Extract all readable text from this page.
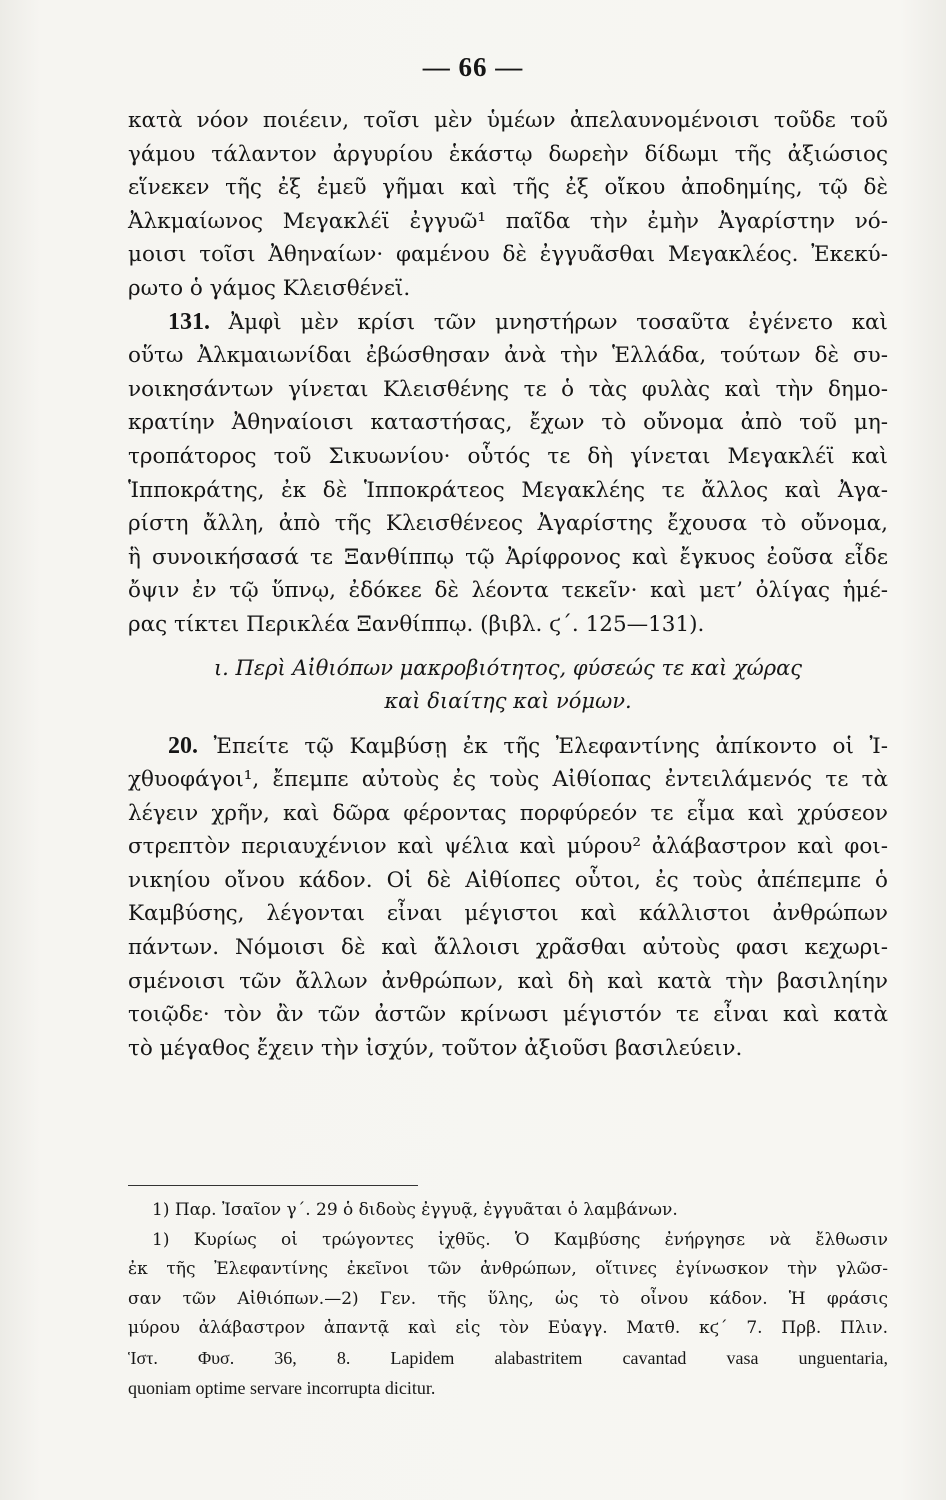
— 66 —
κατὰ νόον ποιέειν, τοῖσι μὲν ὑμέων ἀπελαυνομένοισι τοῦδε τοῦ
γάμου τάλαντον ἀργυρίου ἑκάστῳ δωρεὴν δίδωμι τῆς ἀξιώσιος
εἵνεκεν τῆς ἐξ ἐμεῦ γῆμαι καὶ τῆς ἐξ οἴκου ἀποδημίης, τῷ δὲ
Ἀλκμαίωνος Μεγακλέϊ ἐγγυῶ¹ παῖδα τὴν ἐμὴν Ἀγαρίστην νό-
μοισι τοῖσι Ἀθηναίων· φαμένου δὲ ἐγγυᾶσθαι Μεγακλέος. Ἐκεκύ-
ρωτο ὁ γάμος Κλεισθένεϊ.
131. Ἀμφὶ μὲν κρίσι τῶν μνηστήρων τοσαῦτα ἐγένετο καὶ
οὕτω Ἀλκμαιωνίδαι ἐβώσθησαν ἀνὰ τὴν Ἑλλάδα, τούτων δὲ συ-
νοικησάντων γίνεται Κλεισθένης τε ὁ τὰς φυλὰς καὶ τὴν δημο-
κρατίην Ἀθηναίοισι καταστήσας, ἔχων τὸ οὔνομα ἀπὸ τοῦ μη-
τροπάτορος τοῦ Σικυωνίου· οὗτός τε δὴ γίνεται Μεγακλέϊ καὶ
Ἱπποκράτης, ἐκ δὲ Ἱπποκράτεος Μεγακλέης τε ἄλλος καὶ Ἀγα-
ρίστη ἄλλη, ἀπὸ τῆς Κλεισθένεος Ἀγαρίστης ἔχουσα τὸ οὔνομα,
ἣ συνοικήσασά τε Ξανθίππῳ τῷ Ἀρίφρονος καὶ ἔγκυος ἐοῦσα εἶδε
ὄψιν ἐν τῷ ὕπνῳ, ἐδόκεε δὲ λέοντα τεκεῖν· καὶ μετ’ ὀλίγας ἡμέ-
ρας τίκτει Περικλέα Ξανθίππῳ. (βιβλ. ϛ΄. 125—131).
ι. Περὶ Αἰθιόπων μακροβιότητος, φύσεώς τε καὶ χώρας
καὶ διαίτης καὶ νόμων.
20. Ἐπείτε τῷ Καμβύσῃ ἐκ τῆς Ἐλεφαντίνης ἀπίκοντο οἱ Ἰ-
χθυοφάγοι¹, ἔπεμπε αὐτοὺς ἐς τοὺς Αἰθίοπας ἐντειλάμενός τε τὰ
λέγειν χρῆν, καὶ δῶρα φέροντας πορφύρεόν τε εἷμα καὶ χρύσεον
στρεπτὸν περιαυχένιον καὶ ψέλια καὶ μύρου² ἀλάβαστρον καὶ φοι-
νικηίου οἴνου κάδον. Οἱ δὲ Αἰθίοπες οὗτοι, ἐς τοὺς ἀπέπεμπε ὁ
Καμβύσης, λέγονται εἶναι μέγιστοι καὶ κάλλιστοι ἀνθρώπων
πάντων. Νόμοισι δὲ καὶ ἄλλοισι χρᾶσθαι αὐτοὺς φασι κεχωρι-
σμένοισι τῶν ἄλλων ἀνθρώπων, καὶ δὴ καὶ κατὰ τὴν βασιληίην
τοιῷδε· τὸν ἂν τῶν ἀστῶν κρίνωσι μέγιστόν τε εἶναι καὶ κατὰ
τὸ μέγαθος ἔχειν τὴν ἰσχύν, τοῦτον ἀξιοῦσι βασιλεύειν.
1) Παρ. Ἰσαῖον γ΄. 29 ὁ διδοὺς ἐγγυᾷ, ἐγγυᾶται ὁ λαμβάνων.
1) Κυρίως οἱ τρώγοντες ἰχθῦς. Ὁ Καμβύσης ἐνήργησε νὰ ἔλθωσιν
ἐκ τῆς Ἐλεφαντίνης ἐκεῖνοι τῶν ἀνθρώπων, οἵτινες ἐγίνωσκον τὴν γλῶσ-
σαν τῶν Αἰθιόπων.—2) Γεν. τῆς ὕλης, ὡς τὸ οἶνου κάδον. Ἡ φράσις
μύρου ἀλάβαστρον ἀπαντᾷ καὶ εἰς τὸν Εὐαγγ. Ματθ. κϛ΄ 7. Πρβ. Πλιν.
Ἱστ. Φυσ. 36, 8. Lapidem alabastritem cavantad vasa unguentaria,
quoniam optime servare incorrupta dicitur.
